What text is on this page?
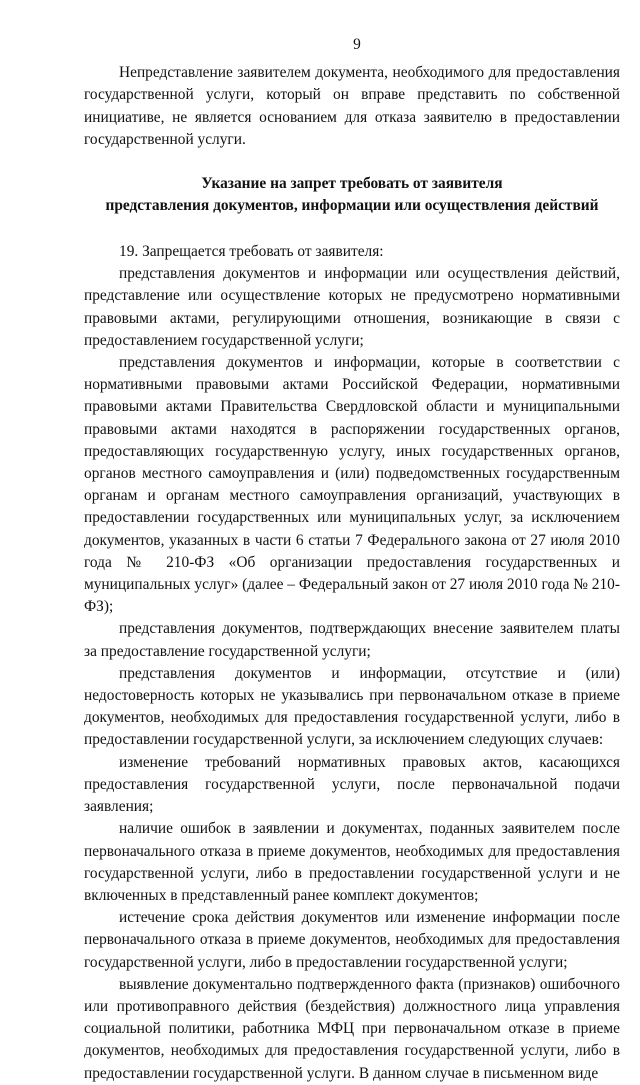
9

Непредставление заявителем документа, необходимого для предоставления государственной услуги, который он вправе представить по собственной инициативе, не является основанием для отказа заявителю в предоставлении государственной услуги.

Указание на запрет требовать от заявителя
представления документов, информации или осуществления действий

19. Запрещается требовать от заявителя:

представления документов и информации или осуществления действий, представление или осуществление которых не предусмотрено нормативными правовыми актами, регулирующими отношения, возникающие в связи с предоставлением государственной услуги;

представления документов и информации, которые в соответствии с нормативными правовыми актами Российской Федерации, нормативными правовыми актами Правительства Свердловской области и муниципальными правовыми актами находятся в распоряжении государственных органов, предоставляющих государственную услугу, иных государственных органов, органов местного самоуправления и (или) подведомственных государственным органам и органам местного самоуправления организаций, участвующих в предоставлении государственных или муниципальных услуг, за исключением документов, указанных в части 6 статьи 7 Федерального закона от 27 июля 2010 года № 210-ФЗ «Об организации предоставления государственных и муниципальных услуг» (далее – Федеральный закон от 27 июля 2010 года № 210-ФЗ);

представления документов, подтверждающих внесение заявителем платы за предоставление государственной услуги;

представления документов и информации, отсутствие и (или) недостоверность которых не указывались при первоначальном отказе в приеме документов, необходимых для предоставления государственной услуги, либо в предоставлении государственной услуги, за исключением следующих случаев:

изменение требований нормативных правовых актов, касающихся предоставления государственной услуги, после первоначальной подачи заявления;

наличие ошибок в заявлении и документах, поданных заявителем после первоначального отказа в приеме документов, необходимых для предоставления государственной услуги, либо в предоставлении государственной услуги и не включенных в представленный ранее комплект документов;

истечение срока действия документов или изменение информации после первоначального отказа в приеме документов, необходимых для предоставления государственной услуги, либо в предоставлении государственной услуги;

выявление документально подтвержденного факта (признаков) ошибочного или противоправного действия (бездействия) должностного лица управления социальной политики, работника МФЦ при первоначальном отказе в приеме документов, необходимых для предоставления государственной услуги, либо в предоставлении государственной услуги. В данном случае в письменном виде
